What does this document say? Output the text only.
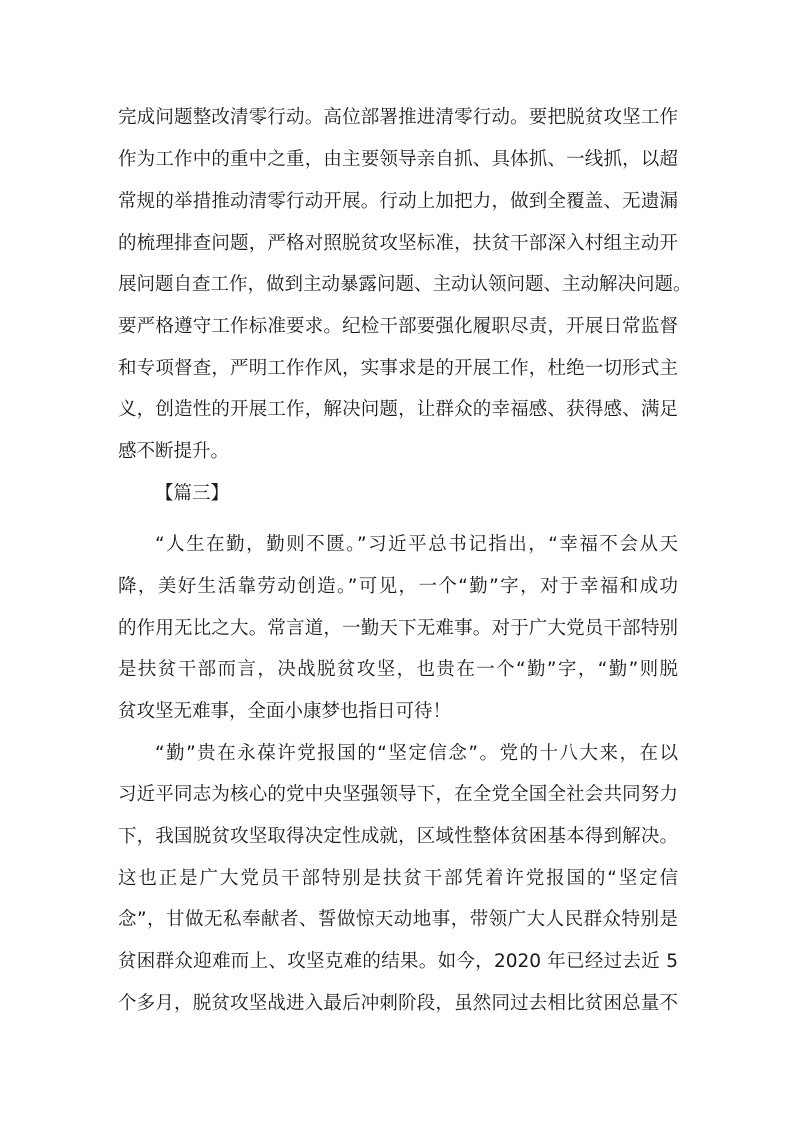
完成问题整改清零行动。高位部署推进清零行动。要把脱贫攻坚工作
作为工作中的重中之重，由主要领导亲自抓、具体抓、一线抓，以超
常规的举措推动清零行动开展。行动上加把力，做到全覆盖、无遗漏
的梳理排查问题，严格对照脱贫攻坚标准，扶贫干部深入村组主动开
展问题自查工作，做到主动暴露问题、主动认领问题、主动解决问题。
要严格遵守工作标准要求。纪检干部要强化履职尽责，开展日常监督
和专项督查，严明工作作风，实事求是的开展工作，杜绝一切形式主
义，创造性的开展工作，解决问题，让群众的幸福感、获得感、满足
感不断提升。
【篇三】
“人生在勤，勤则不匮。”习近平总书记指出，“幸福不会从天
降，美好生活靠劳动创造。”可见，一个“勤”字，对于幸福和成功
的作用无比之大。常言道，一勤天下无难事。对于广大党员干部特别
是扶贫干部而言，决战脱贫攻坚，也贵在一个“勤”字，“勤”则脱
贫攻坚无难事，全面小康梦也指日可待！
“勤”贵在永葆许党报国的“坚定信念”。党的十八大来，在以
习近平同志为核心的党中央坚强领导下，在全党全国全社会共同努力
下，我国脱贫攻坚取得决定性成就，区域性整体贫困基本得到解决。
这也正是广大党员干部特别是扶贫干部凭着许党报国的“坚定信
念”，甘做无私奉献者、誓做惊天动地事，带领广大人民群众特别是
贫困群众迎难而上、攻坚克难的结果。如今，2020 年已经过去近 5
个多月，脱贫攻坚战进入最后冲刺阶段，虽然同过去相比贫困总量不
